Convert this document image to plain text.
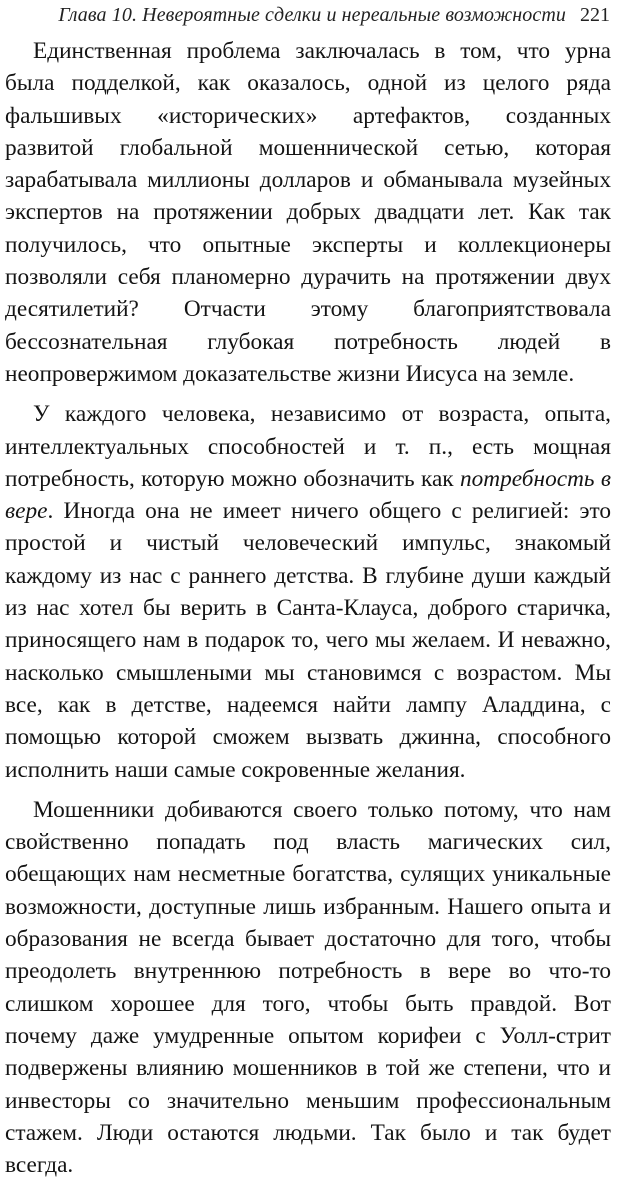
Глава 10. Невероятные сделки и нереальные возможности 221

Единственная проблема заключалась в том, что урна была подделкой, как оказалось, одной из целого ряда фальшивых «исторических» артефактов, созданных развитой глобальной мошеннической сетью, которая зарабатывала миллионы долларов и обманывала музейных экспертов на протяжении добрых двадцати лет. Как так получилось, что опытные эксперты и коллекционеры позволяли себя планомерно дурачить на протяжении двух десятилетий? Отчасти этому благоприятствовала бессознательная глубокая потребность людей в неопровержимом доказательстве жизни Иисуса на земле.

У каждого человека, независимо от возраста, опыта, интеллектуальных способностей и т. п., есть мощная потребность, которую можно обозначить как потребность в вере. Иногда она не имеет ничего общего с религией: это простой и чистый человеческий импульс, знакомый каждому из нас с раннего детства. В глубине души каждый из нас хотел бы верить в Санта-Клауса, доброго старичка, приносящего нам в подарок то, чего мы желаем. И неважно, насколько смышлеными мы становимся с возрастом. Мы все, как в детстве, надеемся найти лампу Аладдина, с помощью которой сможем вызвать джинна, способного исполнить наши самые сокровенные желания.

Мошенники добиваются своего только потому, что нам свойственно попадать под власть магических сил, обещающих нам несметные богатства, сулящих уникальные возможности, доступные лишь избранным. Нашего опыта и образования не всегда бывает достаточно для того, чтобы преодолеть внутреннюю потребность в вере во что-то слишком хорошее для того, чтобы быть правдой. Вот почему даже умудренные опытом корифеи с Уолл-стрит подвержены влиянию мошенников в той же степени, что и инвесторы со значительно меньшим профессиональным стажем. Люди остаются людьми. Так было и так будет всегда.
